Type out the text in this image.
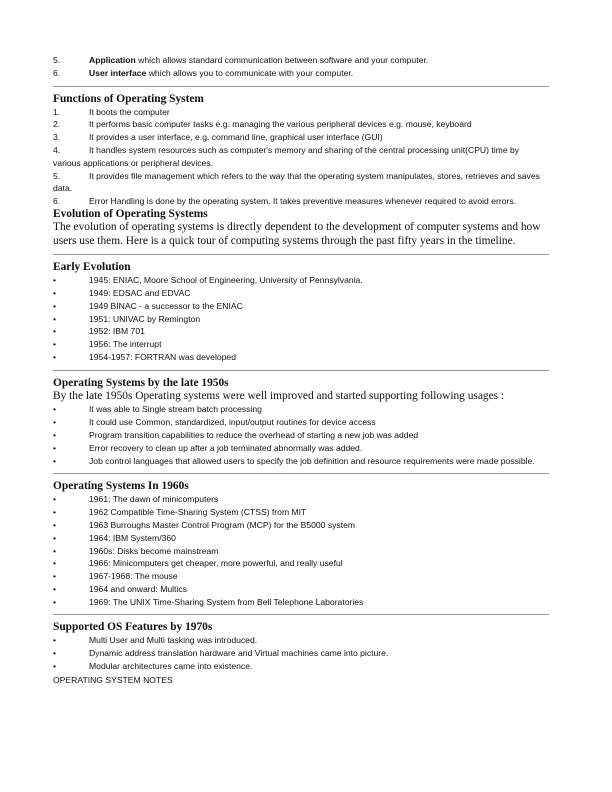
5.	Application which allows standard communication between software and your computer.
6.	User interface which allows you to communicate with your computer.
Functions of Operating System
1.	It boots the computer
2.	It performs basic computer tasks e.g. managing the various peripheral devices e.g. mouse, keyboard
3.	It provides a user interface, e.g. command line, graphical user interface (GUI)
4.	It handles system resources such as computer's memory and sharing of the central processing unit(CPU) time by various applications or peripheral devices.
5.	It provides file management which refers to the way that the operating system manipulates, stores, retrieves and saves data.
6.	Error Handling is done by the operating system. It takes preventive measures whenever required to avoid errors.
Evolution of Operating Systems

The evolution of operating systems is directly dependent to the development of computer systems and how users use them. Here is a quick tour of computing systems through the past fifty years in the timeline.

Early Evolution
•	1945: ENIAC, Moore School of Engineering, University of Pennsylvania.
•	1949: EDSAC and EDVAC
•	1949 BINAC - a successor to the ENIAC
•	1951: UNIVAC by Remington
•	1952: IBM 701
•	1956: The interrupt
•	1954-1957: FORTRAN was developed
Operating Systems by the late 1950s

By the late 1950s Operating systems were well improved and started supporting following usages :

•	It was able to Single stream batch processing
•	It could use Common, standardized, input/output routines for device access
•	Program transition capabilities to reduce the overhead of starting a new job was added
•	Error recovery to clean up after a job terminated abnormally was added.
•	Job control languages that allowed users to specify the job definition and resource requirements were made possible.
Operating Systems In 1960s
•	1961: The dawn of minicomputers
•	1962 Compatible Time-Sharing System (CTSS) from MIT
•	1963 Burroughs Master Control Program (MCP) for the B5000 system
•	1964: IBM System/360
•	1960s: Disks become mainstream
•	1966: Minicomputers get cheaper, more powerful, and really useful
•	1967-1968: The mouse
•	1964 and onward: Multics
•	1969: The UNIX Time-Sharing System from Bell Telephone Laboratories
Supported OS Features by 1970s
•	Multi User and Multi tasking was introduced.
•	Dynamic address translation hardware and Virtual machines came into picture.
•	Modular architectures came into existence.
OPERATING SYSTEM NOTES
